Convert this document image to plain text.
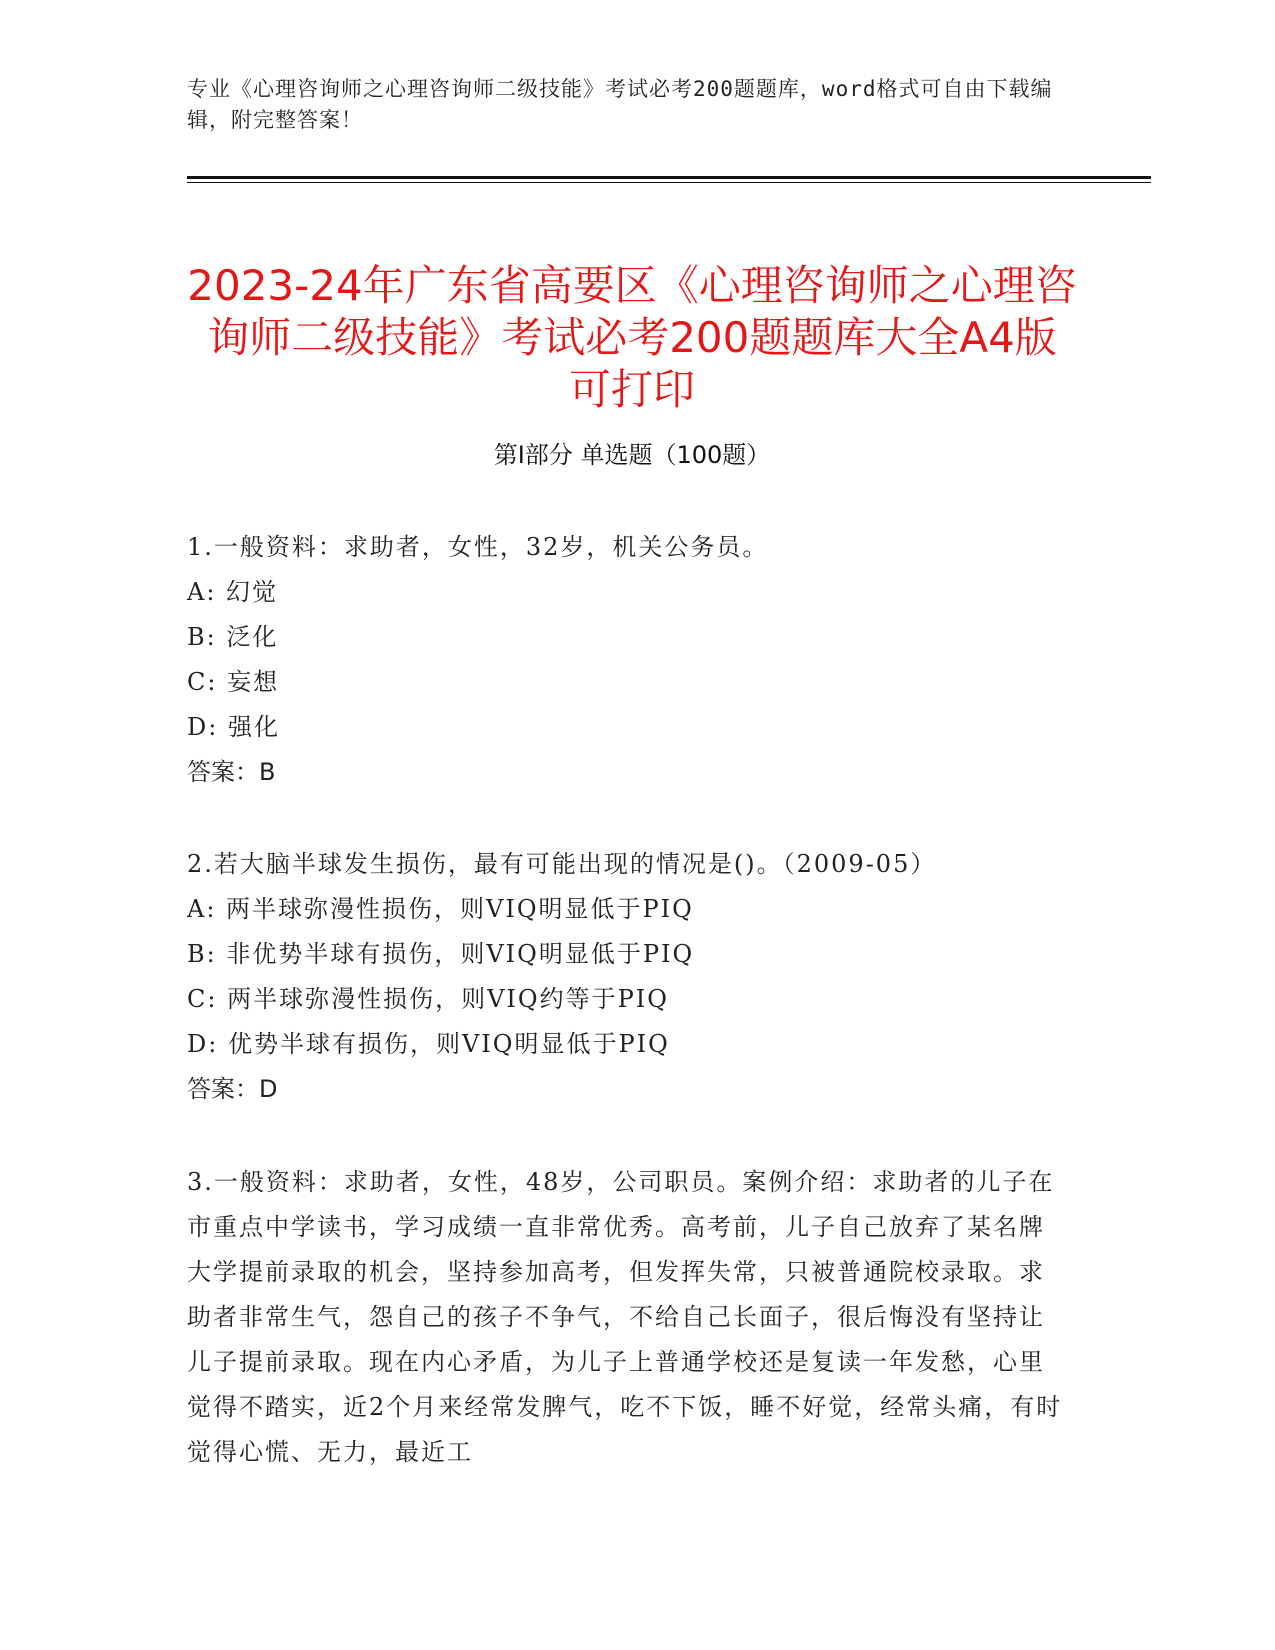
专业《心理咨询师之心理咨询师二级技能》考试必考200题题库，word格式可自由下载编辑，附完整答案！
2023-24年广东省高要区《心理咨询师之心理咨询师二级技能》考试必考200题题库大全A4版可打印
第Ⅰ部分 单选题（100题）

1.一般资料：求助者，女性，32岁，机关公务员。

A: 幻觉

B: 泛化

C: 妄想

D: 强化

答案：B

2.若大脑半球发生损伤，最有可能出现的情况是()。（2009-05）

A: 两半球弥漫性损伤，则VIQ明显低于PIQ

B: 非优势半球有损伤，则VIQ明显低于PIQ

C: 两半球弥漫性损伤，则VIQ约等于PIQ

D: 优势半球有损伤，则VIQ明显低于PIQ

答案：D

3.一般资料：求助者，女性，48岁，公司职员。案例介绍：求助者的儿子在市重点中学读书，学习成绩一直非常优秀。高考前，儿子自己放弃了某名牌大学提前录取的机会，坚持参加高考，但发挥失常，只被普通院校录取。求助者非常生气，怨自己的孩子不争气，不给自己长面子，很后悔没有坚持让儿子提前录取。现在内心矛盾，为儿子上普通学校还是复读一年发愁，心里觉得不踏实，近2个月来经常发脾气，吃不下饭，睡不好觉，经常头痛，有时觉得心慌、无力，最近工
